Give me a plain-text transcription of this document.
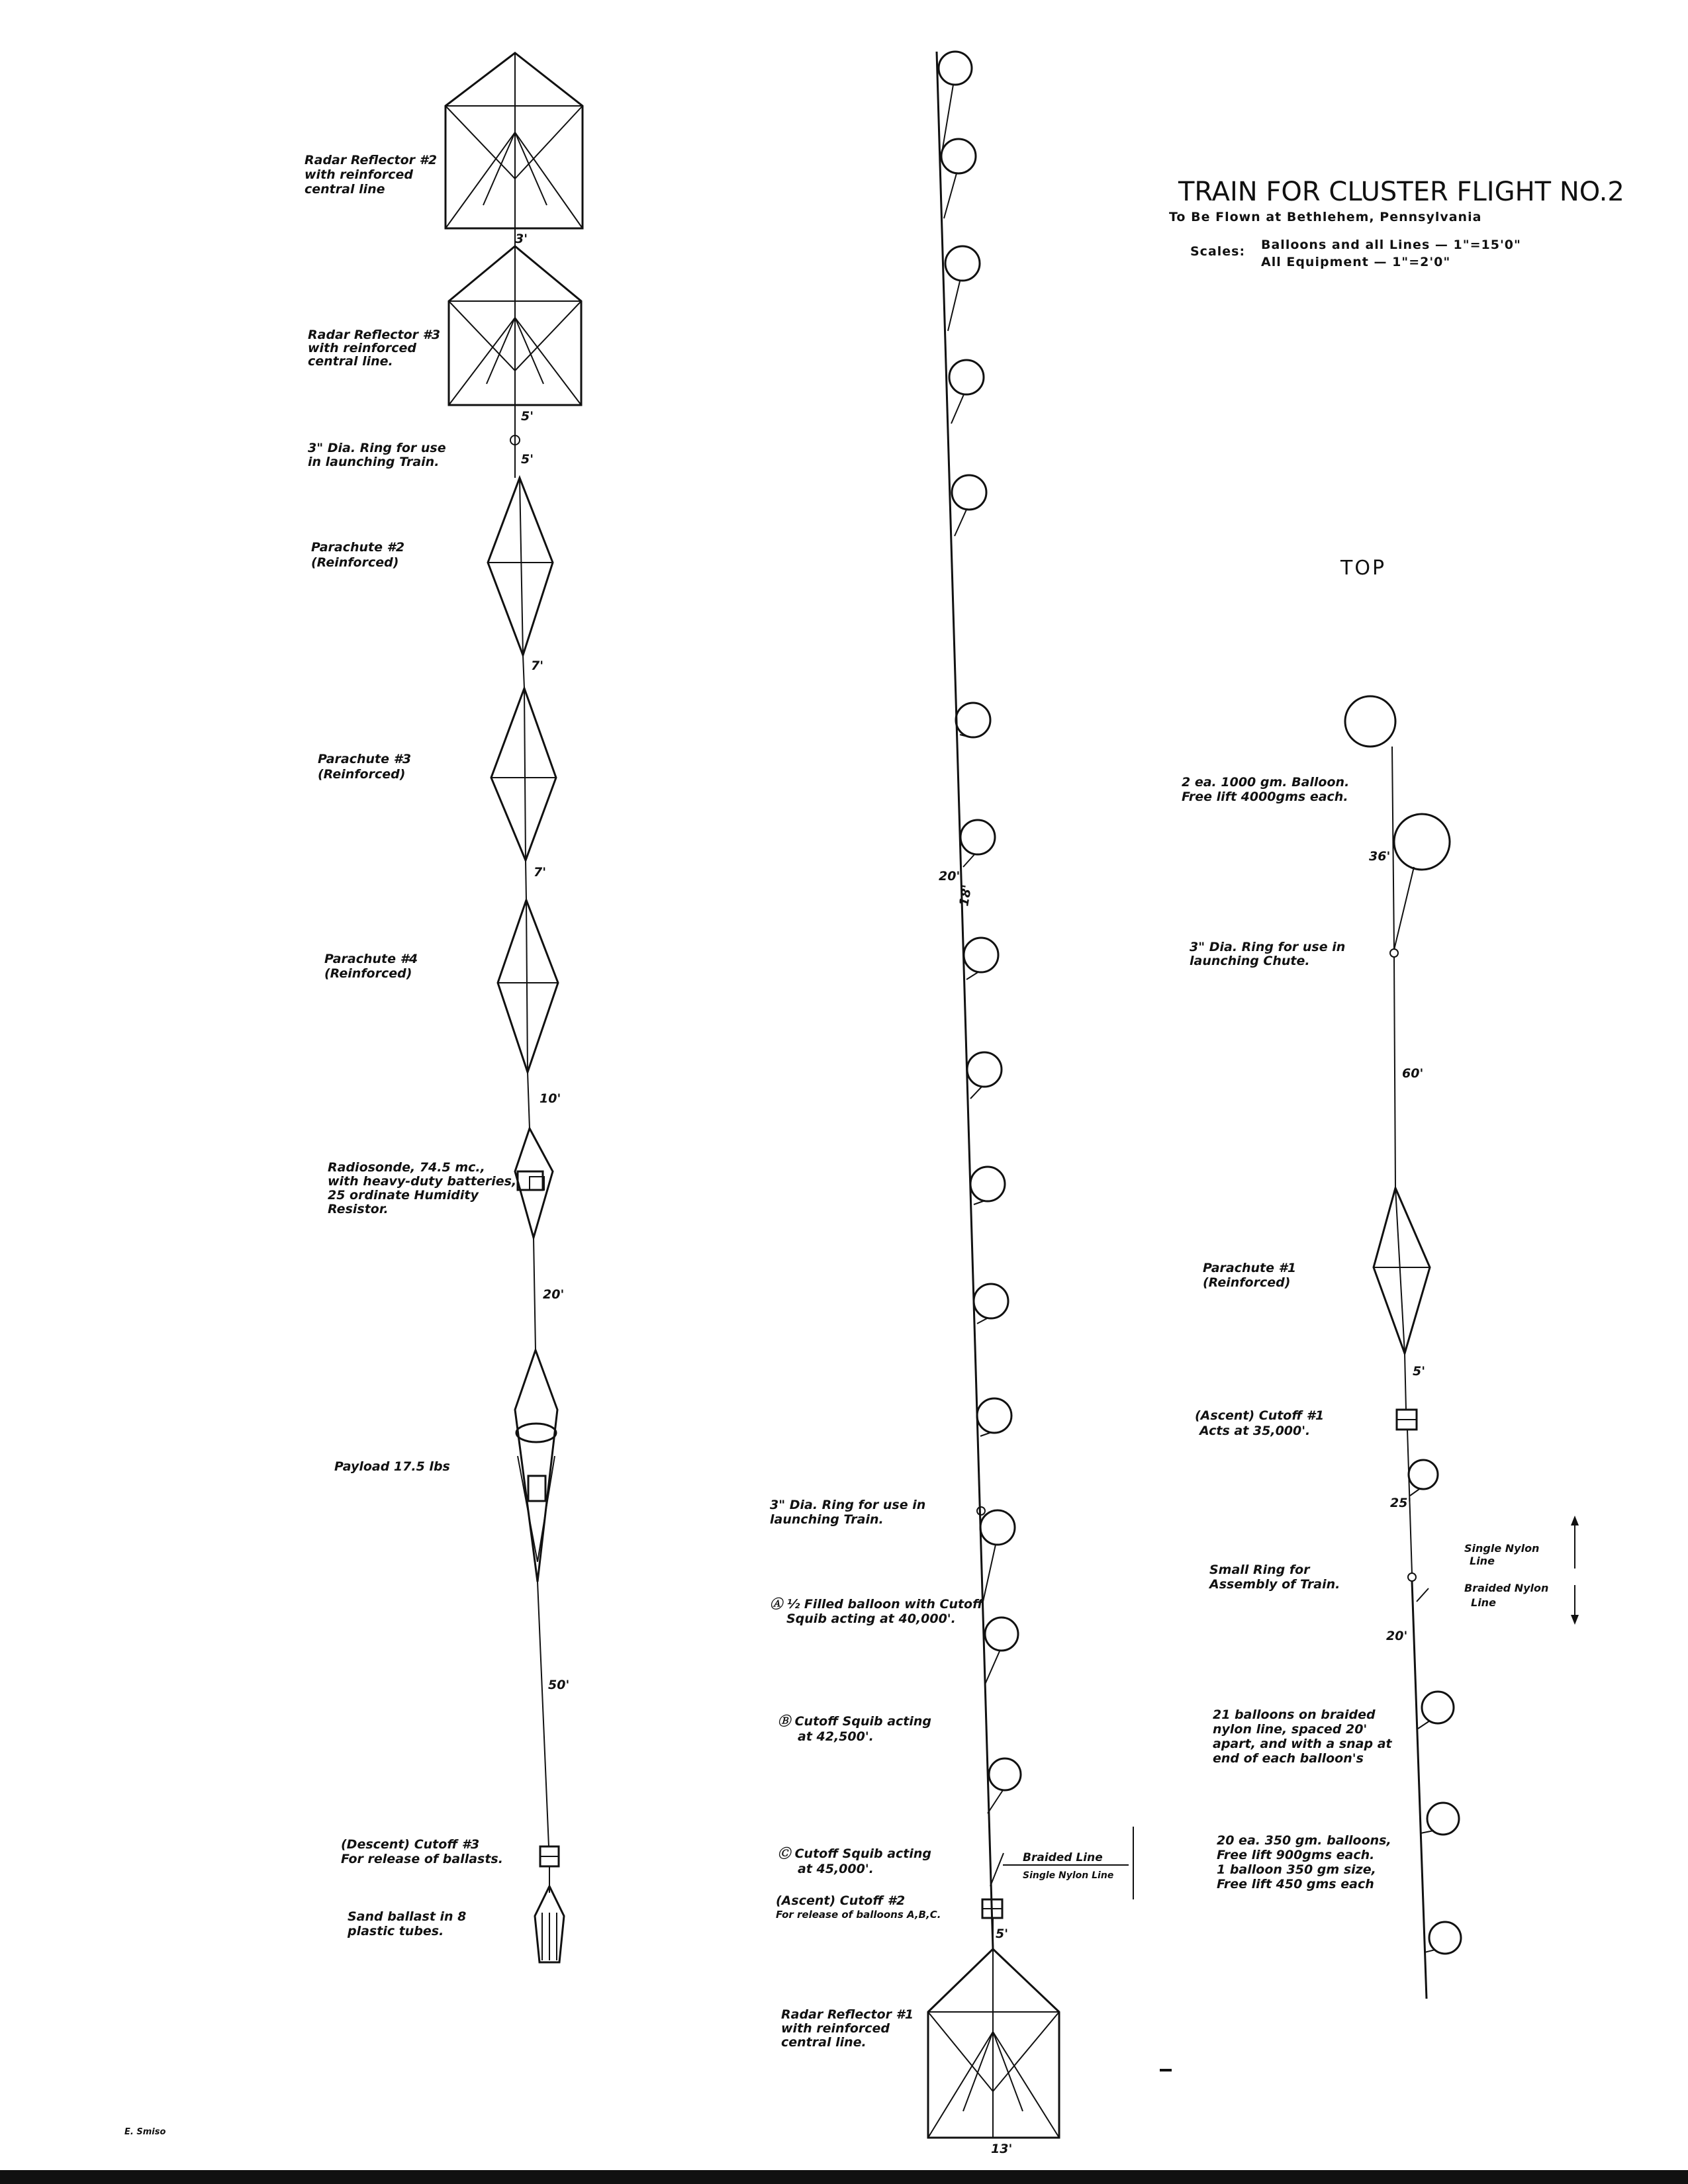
TRAIN FOR CLUSTER FLIGHT NO.2
To Be Flown at Bethlehem, Pennsylvania
Scales: Balloons and all Lines — 1"=15'0"
All Equipment — 1"=2'0"
TOP
3'
5'
5'
7'
7'
10'
20'
50'
Radar Reflector #2
with reinforced
central line
Radar Reflector #3
with reinforced
central line.
3" Dia. Ring for use
in launching Train.
Parachute #2
(Reinforced)
Parachute #3
(Reinforced)
Parachute #4
(Reinforced)
Radiosonde, 74.5 mc.,
with heavy-duty batteries,
25 ordinate Humidity
Resistor.
Payload 17.5 lbs
(Descent) Cutoff #3
For release of ballasts.
Sand ballast in 8
plastic tubes.
20'
18'
5'
Braided Line
Single Nylon Line
13'
3" Dia. Ring for use in
launching Train.
Ⓐ ½ Filled balloon with Cutoff
Squib acting at 40,000'.
Ⓑ Cutoff Squib acting
at 42,500'.
Ⓒ Cutoff Squib acting
at 45,000'.
(Ascent) Cutoff #2
For release of balloons A,B,C.
Radar Reflector #1
with reinforced
central line.
36'
60'
5'
25'
20'
2 ea. 1000 gm. Balloon.
Free lift 4000gms each.
3" Dia. Ring for use in
launching Chute.
Parachute #1
(Reinforced)
(Ascent) Cutoff #1
Acts at 35,000'.
Small Ring for
Assembly of Train.
Single Nylon
Line
Braided Nylon
Line
21 balloons on braided
nylon line, spaced 20'
apart, and with a snap at
end of each balloon's
20 ea. 350 gm. balloons,
Free lift 900gms each.
1 balloon 350 gm size,
Free lift 450 gms each
E. Smiso
